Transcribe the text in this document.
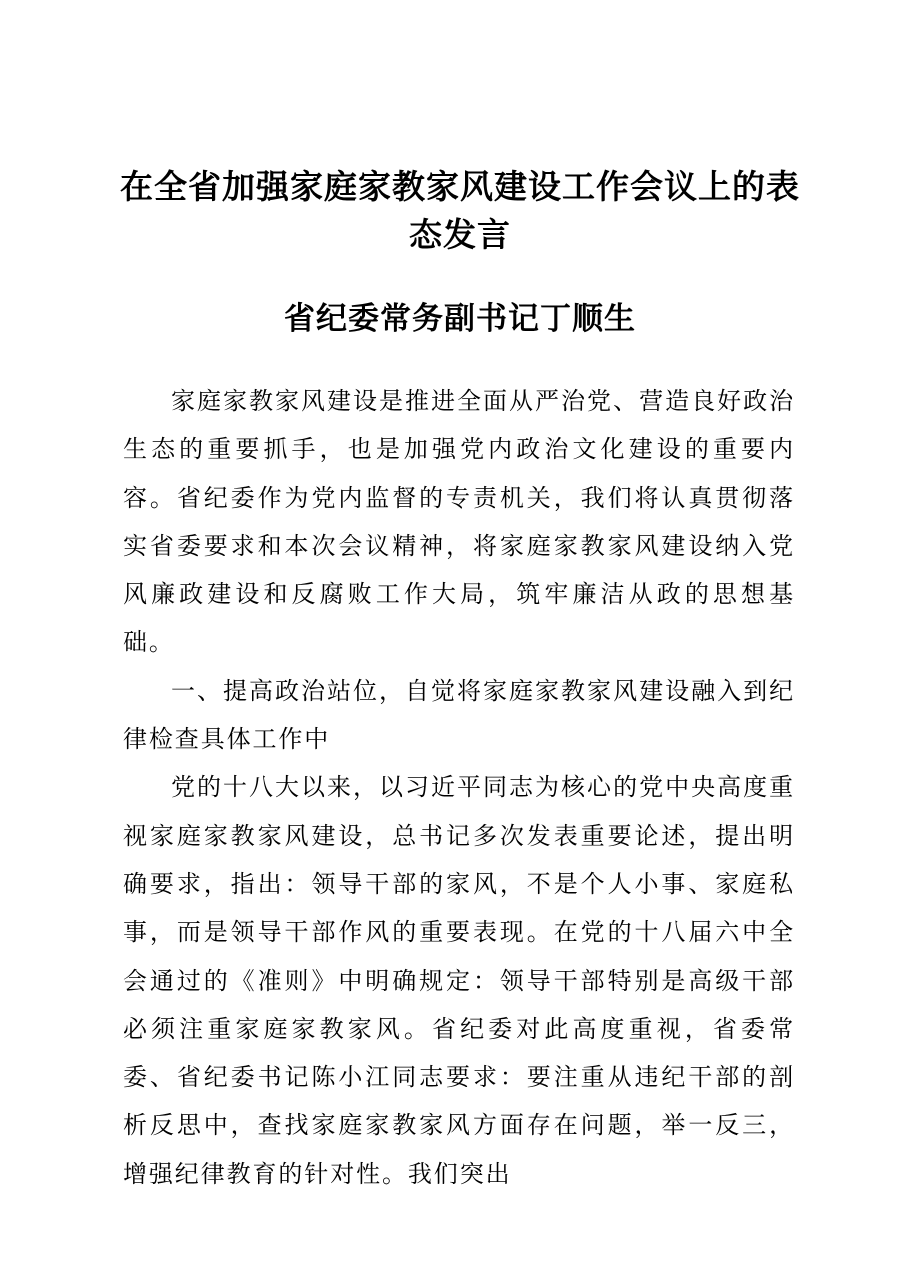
在全省加强家庭家教家风建设工作会议上的表态发言
省纪委常务副书记丁顺生

家庭家教家风建设是推进全面从严治党、营造良好政治生态的重要抓手，也是加强党内政治文化建设的重要内容。省纪委作为党内监督的专责机关，我们将认真贯彻落实省委要求和本次会议精神，将家庭家教家风建设纳入党风廉政建设和反腐败工作大局，筑牢廉洁从政的思想基础。

一、提高政治站位，自觉将家庭家教家风建设融入到纪律检查具体工作中

党的十八大以来，以习近平同志为核心的党中央高度重视家庭家教家风建设，总书记多次发表重要论述，提出明确要求，指出：领导干部的家风，不是个人小事、家庭私事，而是领导干部作风的重要表现。在党的十八届六中全会通过的《准则》中明确规定：领导干部特别是高级干部必须注重家庭家教家风。省纪委对此高度重视，省委常委、省纪委书记陈小江同志要求：要注重从违纪干部的剖析反思中，查找家庭家教家风方面存在问题，举一反三，增强纪律教育的针对性。我们突出
